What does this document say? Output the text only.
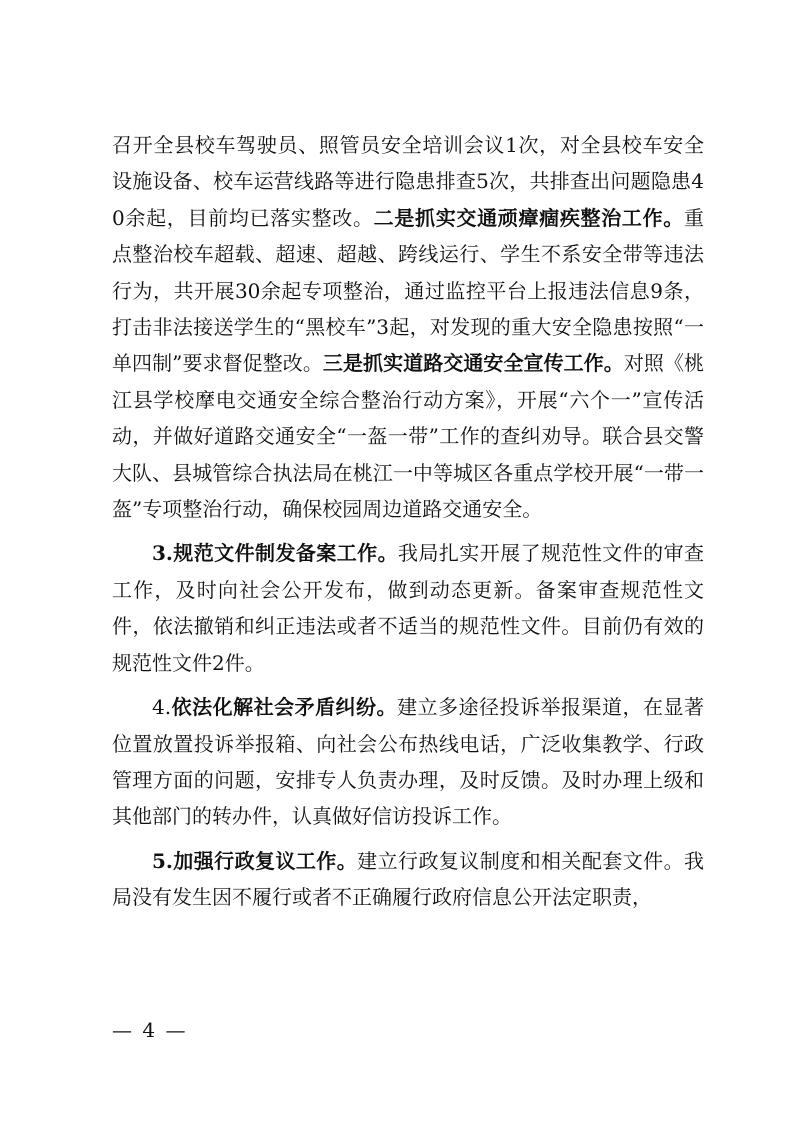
召开全县校车驾驶员、照管员安全培训会议1次，对全县校车安全设施设备、校车运营线路等进行隐患排查5次，共排查出问题隐患40余起，目前均已落实整改。二是抓实交通顽瘴痼疾整治工作。重点整治校车超载、超速、超越、跨线运行、学生不系安全带等违法行为，共开展30余起专项整治，通过监控平台上报违法信息9条，打击非法接送学生的“黑校车”3起，对发现的重大安全隐患按照“一单四制”要求督促整改。三是抓实道路交通安全宣传工作。对照《桃江县学校摩电交通安全综合整治行动方案》，开展“六个一”宣传活动，并做好道路交通安全“一盔一带”工作的查纠劝导。联合县交警大队、县城管综合执法局在桃江一中等城区各重点学校开展“一带一盔”专项整治行动，确保校园周边道路交通安全。

3.规范文件制发备案工作。我局扎实开展了规范性文件的审查工作，及时向社会公开发布，做到动态更新。备案审查规范性文件，依法撤销和纠正违法或者不适当的规范性文件。目前仍有效的规范性文件2件。

4.依法化解社会矛盾纠纷。建立多途径投诉举报渠道，在显著位置放置投诉举报箱、向社会公布热线电话，广泛收集教学、行政管理方面的问题，安排专人负责办理，及时反馈。及时办理上级和其他部门的转办件，认真做好信访投诉工作。

5.加强行政复议工作。建立行政复议制度和相关配套文件。我局没有发生因不履行或者不正确履行政府信息公开法定职责，

— 4 —
